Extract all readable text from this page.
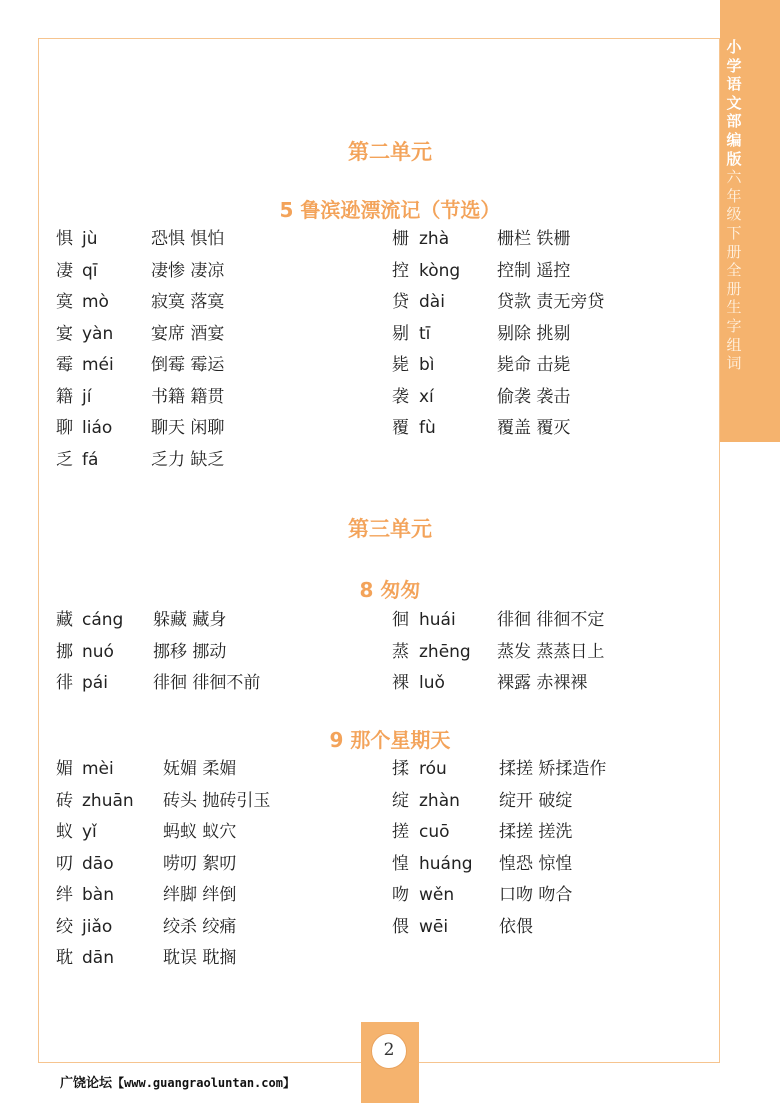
小学语文部编版 六年级下册 全册生字组词
第二单元
5 鲁滨逊漂流记（节选）
惧 jù	恐惧 惧怕
凄 qī	凄惨 凄凉
寞 mò 寂寞 落寞
宴 yàn 宴席 酒宴
霉 méi 倒霉 霉运
籍 jí	书籍 籍贯
聊 liáo 聊天 闲聊
乏 fá	乏力 缺乏
栅 zhà	栅栏 铁栅
控 kòng 控制 遥控
贷 dài	贷款 责无旁贷
剔 tī	剔除 挑剔
毙 bì	毙命 击毙
袭 xí	偷袭 袭击
覆 fù	覆盖 覆灭
第三单元
8 匆匆
藏 cáng 躲藏 藏身
挪 nuó 挪移 挪动
徘 pái	徘徊 徘徊不前
徊 huái 徘徊 徘徊不定
蒸 zhēng 蒸发 蒸蒸日上
裸 luǒ	裸露 赤裸裸
9 那个星期天
媚 mèi	妩媚 柔媚
砖 zhuān 砖头 抛砖引玉
蚁 yǐ	蚂蚁 蚁穴
叨 dāo	唠叨 絮叨
绊 bàn	绊脚 绊倒
绞 jiǎo	绞杀 绞痛
耽 dān	耽误 耽搁
揉 róu	揉搓 矫揉造作
绽 zhàn 绽开 破绽
搓 cuō	揉搓 搓洗
惶 huáng 惶恐 惊惶
吻 wěn	口吻 吻合
偎 wēi	依偎
2
广饶论坛【www.guangraoluntan.com】
